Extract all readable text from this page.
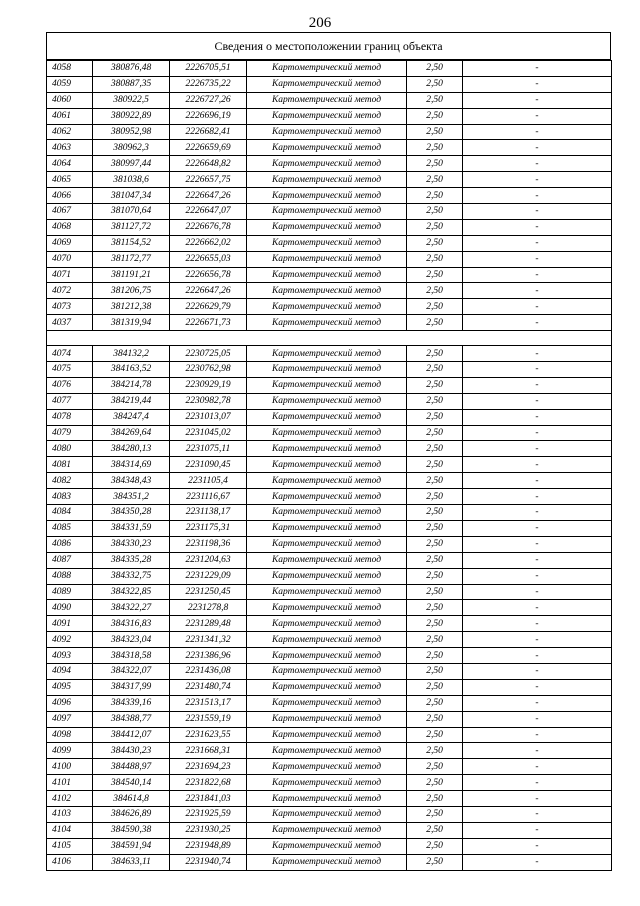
206
Сведения о местоположении границ объекта
4058	380876,48	2226705,51	Картометрический метод	2,50	-
4059	380887,35	2226735,22	Картометрический метод	2,50	-
4060	380922,5	2226727,26	Картометрический метод	2,50	-
4061	380922,89	2226696,19	Картометрический метод	2,50	-
4062	380952,98	2226682,41	Картометрический метод	2,50	-
4063	380962,3	2226659,69	Картометрический метод	2,50	-
4064	380997,44	2226648,82	Картометрический метод	2,50	-
4065	381038,6	2226657,75	Картометрический метод	2,50	-
4066	381047,34	2226647,26	Картометрический метод	2,50	-
4067	381070,64	2226647,07	Картометрический метод	2,50	-
4068	381127,72	2226676,78	Картометрический метод	2,50	-
4069	381154,52	2226662,02	Картометрический метод	2,50	-
4070	381172,77	2226655,03	Картометрический метод	2,50	-
4071	381191,21	2226656,78	Картометрический метод	2,50	-
4072	381206,75	2226647,26	Картометрический метод	2,50	-
4073	381212,38	2226629,79	Картометрический метод	2,50	-
4037	381319,94	2226671,73	Картометрический метод	2,50	-

4074	384132,2	2230725,05	Картометрический метод	2,50	-
4075	384163,52	2230762,98	Картометрический метод	2,50	-
4076	384214,78	2230929,19	Картометрический метод	2,50	-
4077	384219,44	2230982,78	Картометрический метод	2,50	-
4078	384247,4	2231013,07	Картометрический метод	2,50	-
4079	384269,64	2231045,02	Картометрический метод	2,50	-
4080	384280,13	2231075,11	Картометрический метод	2,50	-
4081	384314,69	2231090,45	Картометрический метод	2,50	-
4082	384348,43	2231105,4	Картометрический метод	2,50	-
4083	384351,2	2231116,67	Картометрический метод	2,50	-
4084	384350,28	2231138,17	Картометрический метод	2,50	-
4085	384331,59	2231175,31	Картометрический метод	2,50	-
4086	384330,23	2231198,36	Картометрический метод	2,50	-
4087	384335,28	2231204,63	Картометрический метод	2,50	-
4088	384332,75	2231229,09	Картометрический метод	2,50	-
4089	384322,85	2231250,45	Картометрический метод	2,50	-
4090	384322,27	2231278,8	Картометрический метод	2,50	-
4091	384316,83	2231289,48	Картометрический метод	2,50	-
4092	384323,04	2231341,32	Картометрический метод	2,50	-
4093	384318,58	2231386,96	Картометрический метод	2,50	-
4094	384322,07	2231436,08	Картометрический метод	2,50	-
4095	384317,99	2231480,74	Картометрический метод	2,50	-
4096	384339,16	2231513,17	Картометрический метод	2,50	-
4097	384388,77	2231559,19	Картометрический метод	2,50	-
4098	384412,07	2231623,55	Картометрический метод	2,50	-
4099	384430,23	2231668,31	Картометрический метод	2,50	-
4100	384488,97	2231694,23	Картометрический метод	2,50	-
4101	384540,14	2231822,68	Картометрический метод	2,50	-
4102	384614,8	2231841,03	Картометрический метод	2,50	-
4103	384626,89	2231925,59	Картометрический метод	2,50	-
4104	384590,38	2231930,25	Картометрический метод	2,50	-
4105	384591,94	2231948,89	Картометрический метод	2,50	-
4106	384633,11	2231940,74	Картометрический метод	2,50	-
